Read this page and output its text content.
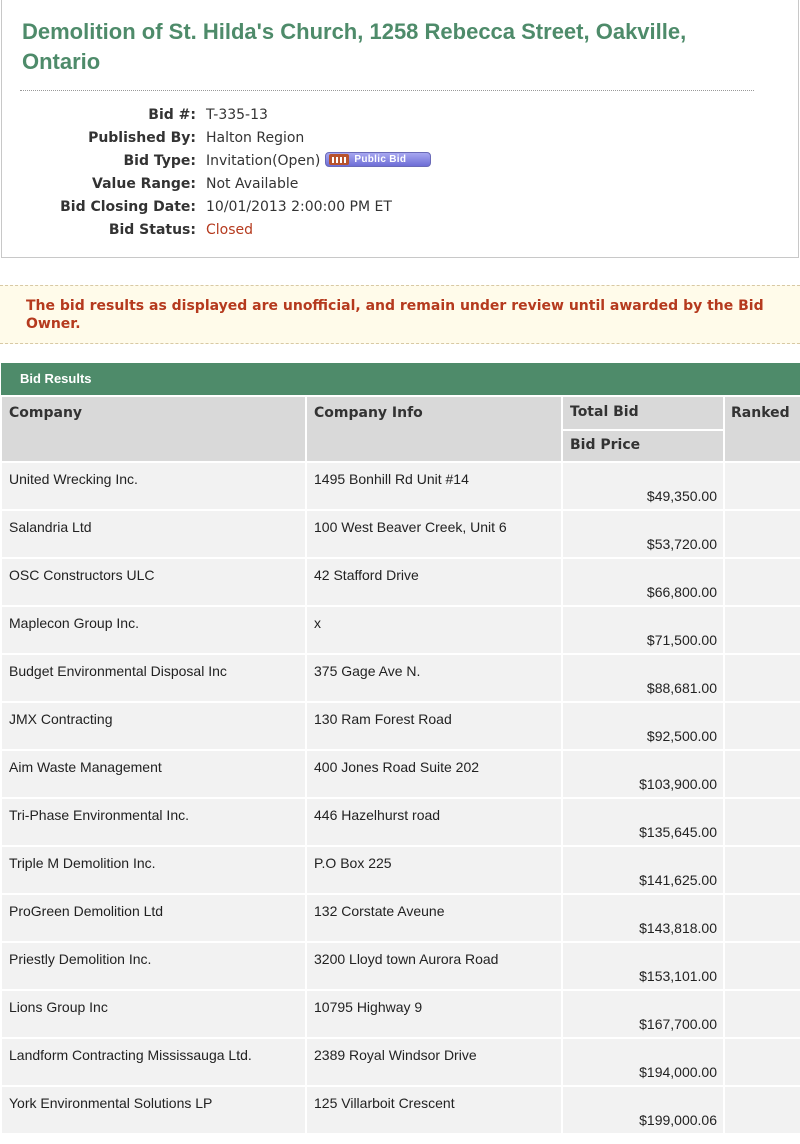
Demolition of St. Hilda's Church, 1258 Rebecca Street, Oakville, Ontario
Bid #: T-335-13
Published By: Halton Region
Bid Type: Invitation(Open)	Public Bid
Value Range: Not Available
Bid Closing Date: 10/01/2013 2:00:00 PM ET
Bid Status: Closed
The bid results as displayed are unofficial, and remain under review until awarded by the Bid Owner.
Bid Results
Company	Company Info	Total Bid	Ranked
		Bid Price	

United Wrecking Inc.	1495 Bonhill Rd Unit #14	$49,350.00	

Salandria Ltd	100 West Beaver Creek, Unit 6	$53,720.00	

OSC Constructors ULC	42 Stafford Drive	$66,800.00	

Maplecon Group Inc.	x	$71,500.00	

Budget Environmental Disposal Inc	375 Gage Ave N.	$88,681.00	

JMX Contracting	130 Ram Forest Road	$92,500.00	

Aim Waste Management	400 Jones Road Suite 202	$103,900.00	

Tri-Phase Environmental Inc.	446 Hazelhurst road	$135,645.00	

Triple M Demolition Inc.	P.O Box 225	$141,625.00	

ProGreen Demolition Ltd	132 Corstate Aveune	$143,818.00	

Priestly Demolition Inc.	3200 Lloyd town Aurora Road	$153,101.00	

Lions Group Inc	10795 Highway 9	$167,700.00	

Landform Contracting Mississauga Ltd.	2389 Royal Windsor Drive	$194,000.00	

York Environmental Solutions LP	125 Villarboit Crescent	$199,000.06	
